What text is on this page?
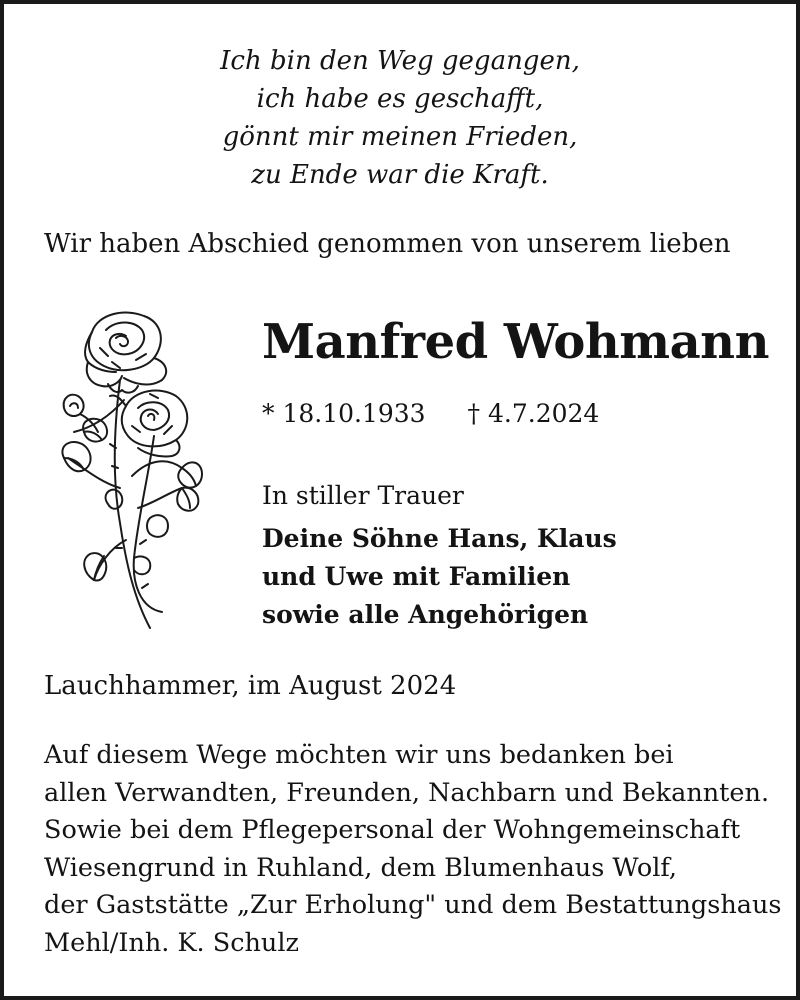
Ich bin den Weg gegangen,
ich habe es geschafft,
gönnt mir meinen Frieden,
zu Ende war die Kraft.
Wir haben Abschied genommen von unserem lieben
Manfred Wohmann
* 18.10.1933 † 4.7.2024
In stiller Trauer
Deine Söhne Hans, Klaus
und Uwe mit Familien
sowie alle Angehörigen
Lauchhammer, im August 2024
Auf diesem Wege möchten wir uns bedanken bei
allen Verwandten, Freunden, Nachbarn und Bekannten.
Sowie bei dem Pflegepersonal der Wohngemeinschaft
Wiesengrund in Ruhland, dem Blumenhaus Wolf,
der Gaststätte „Zur Erholung" und dem Bestattungshaus
Mehl/Inh. K. Schulz
